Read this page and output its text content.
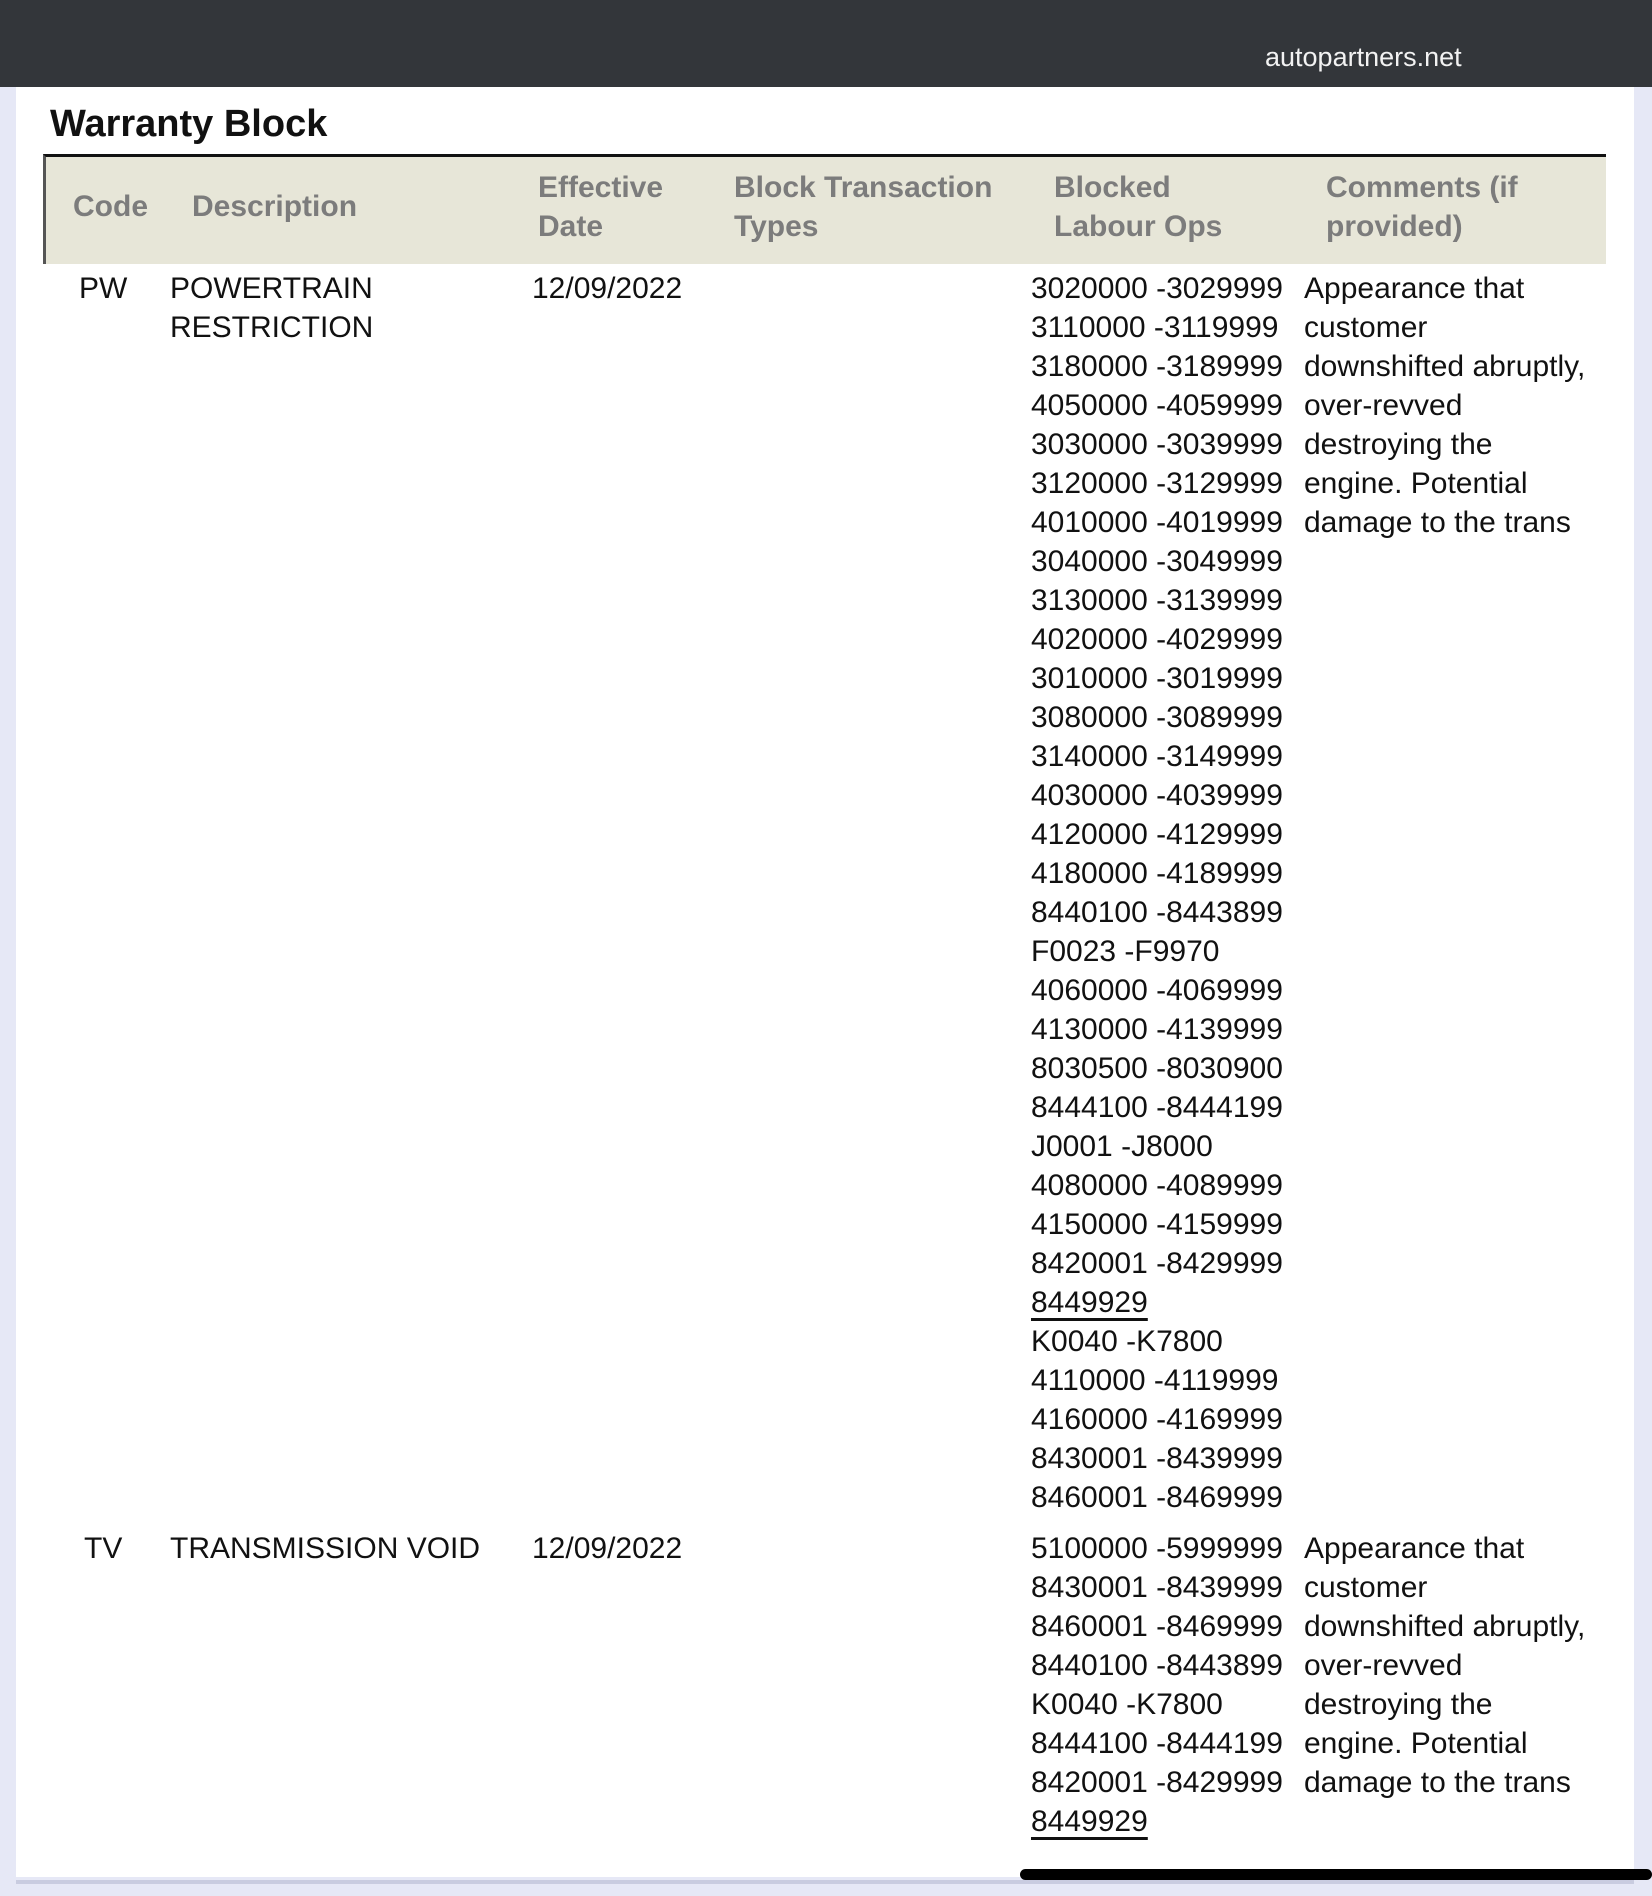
autopartners.net
Warranty Block
Code Description
Effective
Date
Block Transaction
Types
Blocked
Labour Ops
Comments (if
provided)
PW POWERTRAIN
RESTRICTION
12/09/2022	3020000 -3029999
3110000 -3119999
3180000 -3189999
4050000 -4059999
3030000 -3039999
3120000 -3129999
4010000 -4019999
3040000 -3049999
3130000 -3139999
4020000 -4029999
3010000 -3019999
3080000 -3089999
3140000 -3149999
4030000 -4039999
4120000 -4129999
4180000 -4189999
8440100 -8443899
F0023 -F9970
4060000 -4069999
4130000 -4139999
8030500 -8030900
8444100 -8444199
J0001 -J8000
4080000 -4089999
4150000 -4159999
8420001 -8429999
8449929
K0040 -K7800
4110000 -4119999
4160000 -4169999
8430001 -8439999
8460001 -8469999
Appearance that
customer
downshifted abruptly,
over-revved
destroying the
engine. Potential
damage to the trans
TV TRANSMISSION VOID 12/09/2022	5100000 -5999999
8430001 -8439999
8460001 -8469999
8440100 -8443899
K0040 -K7800
8444100 -8444199
8420001 -8429999
8449929
Appearance that
customer
downshifted abruptly,
over-revved
destroying the
engine. Potential
damage to the trans
